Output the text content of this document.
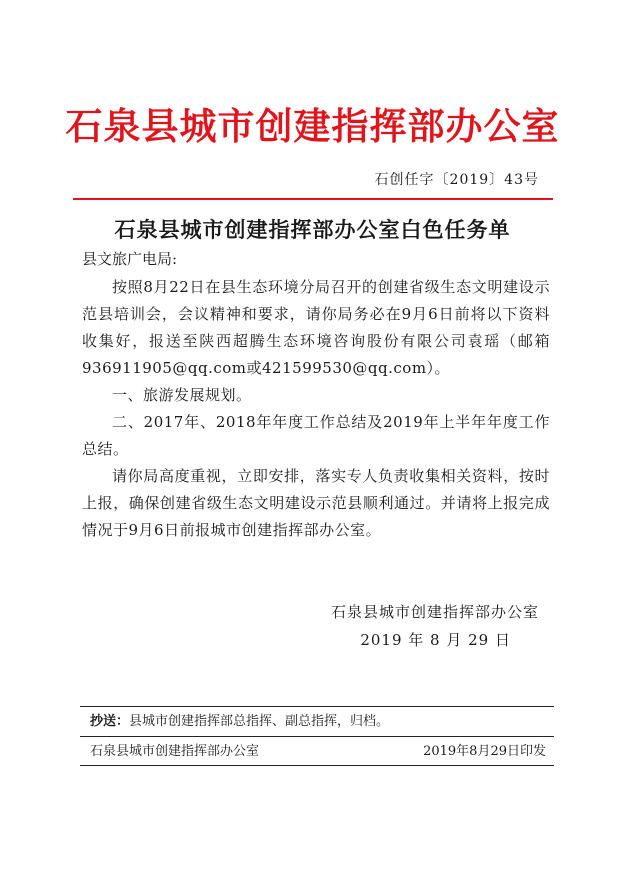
石泉县城市创建指挥部办公室
石创任字〔2019〕43号
石泉县城市创建指挥部办公室白色任务单
县文旅广电局:

按照8月22日在县生态环境分局召开的创建省级生态文明建设示范县培训会，会议精神和要求，请你局务必在9月6日前将以下资料收集好，报送至陕西超腾生态环境咨询股份有限公司袁瑶（邮箱936911905@qq.com或421599530@qq.com）。

一、旅游发展规划。

二、2017年、2018年年度工作总结及2019年上半年年度工作总结。

请你局高度重视，立即安排，落实专人负责收集相关资料，按时上报，确保创建省级生态文明建设示范县顺利通过。并请将上报完成情况于9月6日前报城市创建指挥部办公室。

石泉县城市创建指挥部办公室
2019 年 8 月 29 日
抄送：县城市创建指挥部总指挥、副总指挥，归档。
石泉县城市创建指挥部办公室	2019年8月29日印发
